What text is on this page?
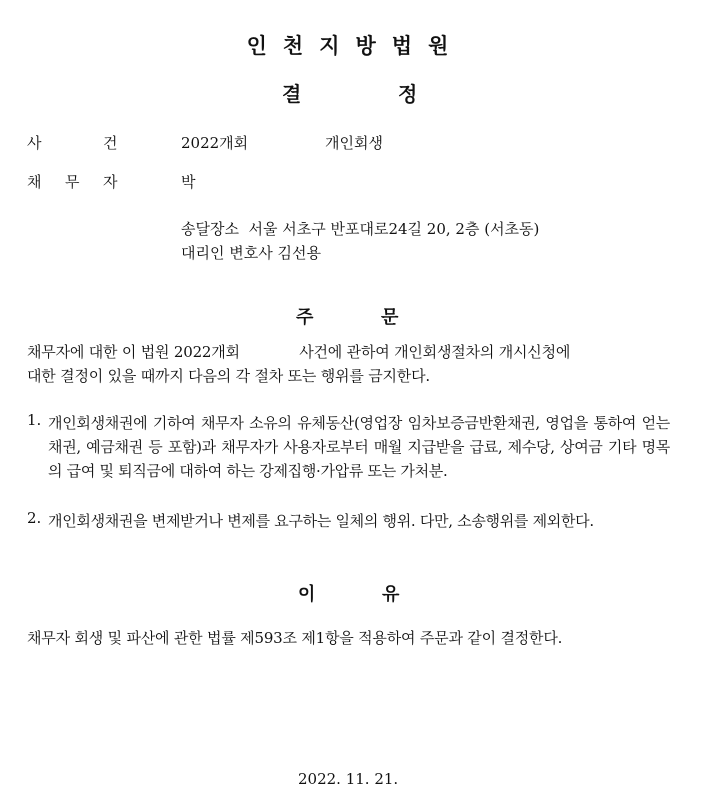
인천지방법원
결	정
사	건	2022개회	개인회생
채 무 자	박
송달장소  서울 서초구 반포대로24길 20, 2층 (서초동)
대리인 변호사 김선용
주	문
채무자에 대한 이 법원 2022개회             사건에 관하여 개인회생절차의 개시신청에
대한 결정이 있을 때까지 다음의 각 절차 또는 행위를 금지한다.
1. 개인회생채권에 기하여 채무자 소유의 유체동산(영업장 임차보증금반환채권, 영업을 통하여 얻는 채권, 예금채권 등 포함)과 채무자가 사용자로부터 매월 지급받을 급료, 제수당, 상여금 기타 명목의 급여 및 퇴직금에 대하여 하는 강제집행·가압류 또는 가처분.
2. 개인회생채권을 변제받거나 변제를 요구하는 일체의 행위. 다만, 소송행위를 제외한다.
이	유
채무자 회생 및 파산에 관한 법률 제593조 제1항을 적용하여 주문과 같이 결정한다.
2022. 11. 21.
